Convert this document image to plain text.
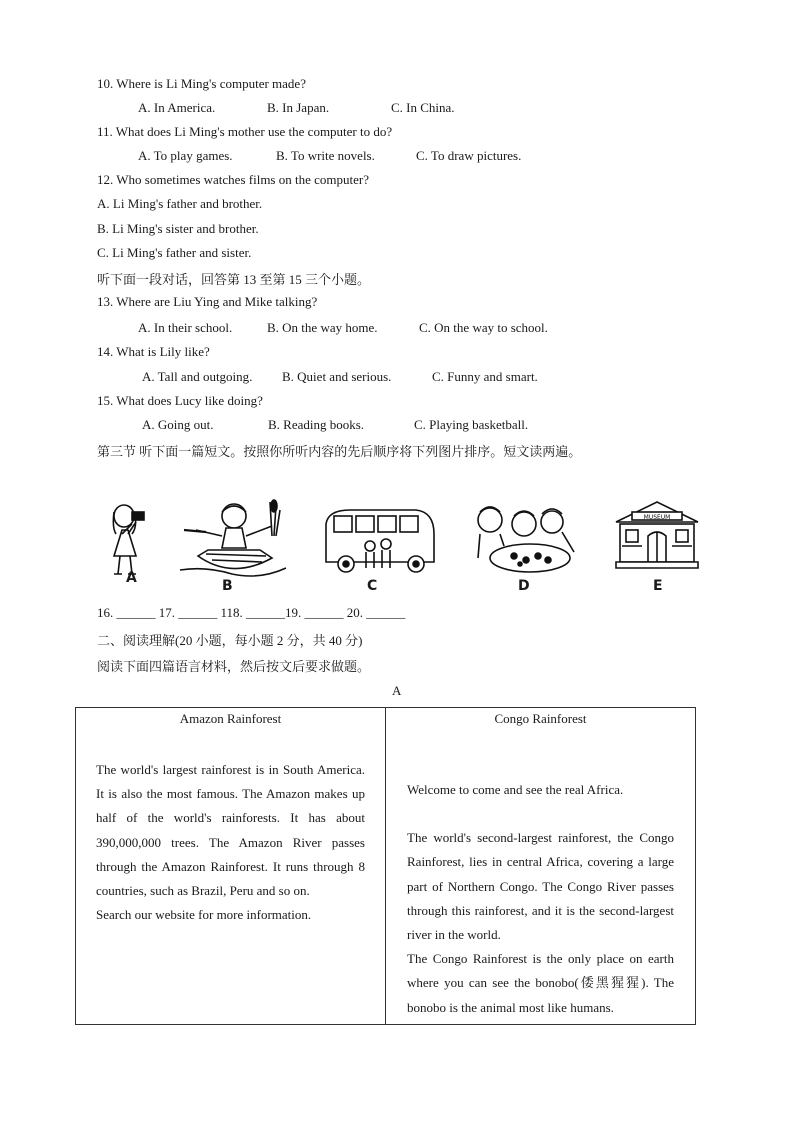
10. Where is Li Ming's computer made?
A. In America.	B. In Japan.	C. In China.
11. What does Li Ming's mother use the computer to do?
A. To play games.	B. To write novels.	C. To draw pictures.
12. Who sometimes watches films on the computer?
A. Li Ming's father and brother.
B. Li Ming's sister and brother.
C. Li Ming's father and sister.
听下面一段对话，回答第 13 至第 15 三个小题。
13. Where are Liu Ying and Mike talking?
A. In their school.	B. On the way home.	C. On the way to school.
14. What is Lily like?
A. Tall and outgoing. B. Quiet and serious.	C. Funny and smart.
15. What does Lucy like doing?
A. Going out.	B. Reading books.	C. Playing basketball.
第三节 听下面一篇短文。按照你所听内容的先后顺序将下列图片排序。短文读两遍。
A	B	C	D
MUSEUM
E
16. ______ 17. ______ 118. ______19. ______ 20. ______
二、阅读理解(20 小题，每小题 2 分，共 40 分)
阅读下面四篇语言材料，然后按文后要求做题。
A
Amazon Rainforest

The world's largest rainforest is in South America. It is also the most famous. The Amazon makes up half of the world's rainforests. It has about 390,000,000 trees. The Amazon River passes through the Amazon Rainforest. It runs through 8 countries, such as Brazil, Peru and so on.

Search our website for more information.

Congo Rainforest

Welcome to come and see the real Africa.

The world's second-largest rainforest, the Congo Rainforest, lies in central Africa, covering a large part of Northern Congo. The Congo River passes through this rainforest, and it is the second-largest river in the world.

The Congo Rainforest is the only place on earth where you can see the bonobo(倭黑猩猩). The bonobo is the animal most like humans.
